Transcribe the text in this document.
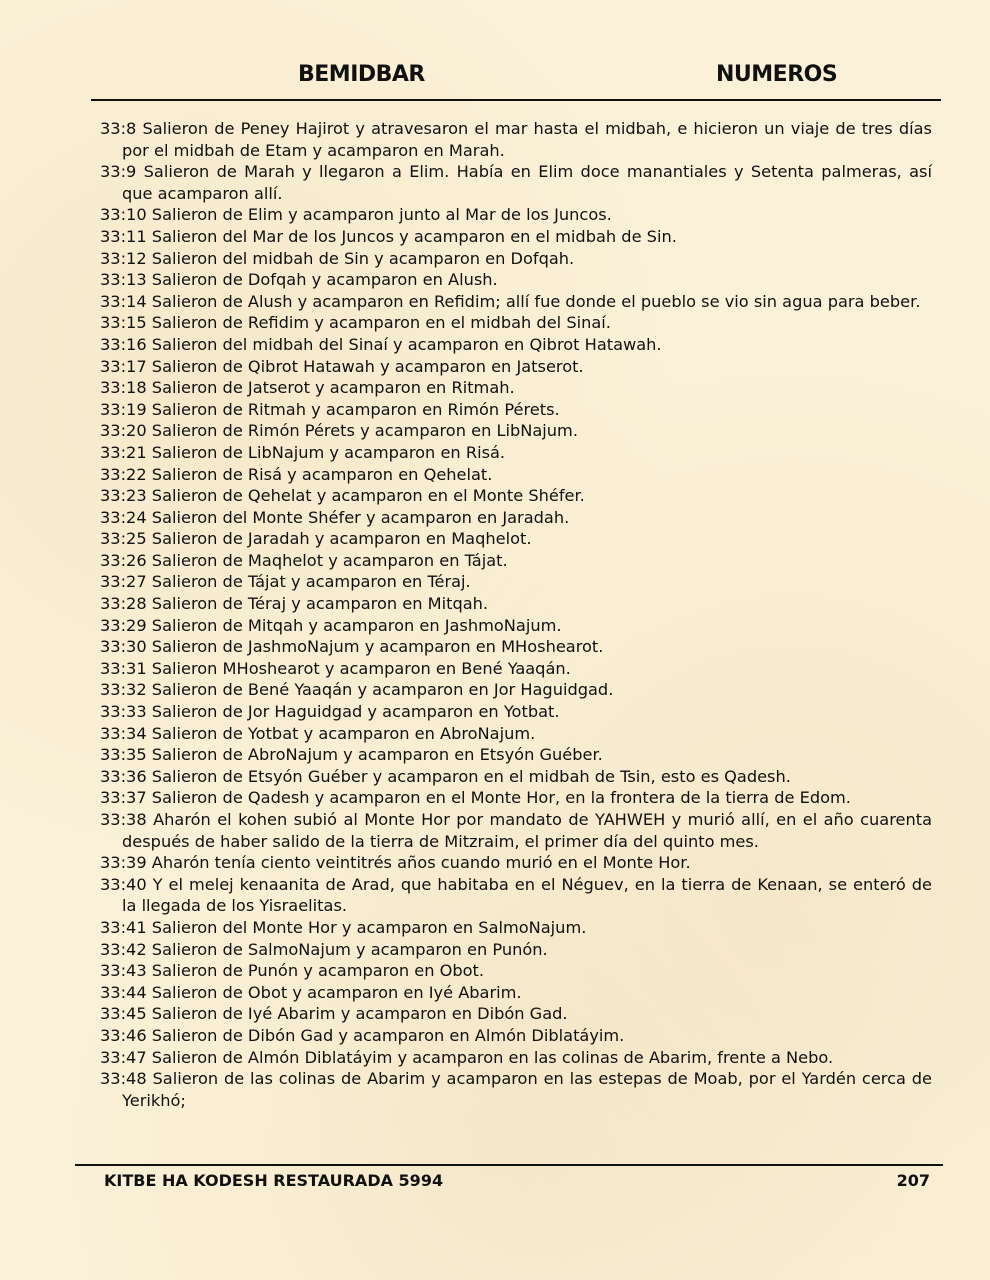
BEMIDBAR	NUMEROS

33:8 Salieron de Peney Hajirot y atravesaron el mar hasta el midbah, e hicieron un viaje de tres días por el midbah de Etam y acamparon en Marah.

33:9 Salieron de Marah y llegaron a Elim. Había en Elim doce manantiales y Setenta palmeras, así que acamparon allí.

33:10 Salieron de Elim y acamparon junto al Mar de los Juncos.

33:11 Salieron del Mar de los Juncos y acamparon en el midbah de Sin.

33:12 Salieron del midbah de Sin y acamparon en Dofqah.

33:13 Salieron de Dofqah y acamparon en Alush.

33:14 Salieron de Alush y acamparon en Refidim; allí fue donde el pueblo se vio sin agua para beber.

33:15 Salieron de Refidim y acamparon en el midbah del Sinaí.

33:16 Salieron del midbah del Sinaí y acamparon en Qibrot Hatawah.

33:17 Salieron de Qibrot Hatawah y acamparon en Jatserot.

33:18 Salieron de Jatserot y acamparon en Ritmah.

33:19 Salieron de Ritmah y acamparon en Rimón Pérets.

33:20 Salieron de Rimón Pérets y acamparon en LibNajum.

33:21 Salieron de LibNajum y acamparon en Risá.

33:22 Salieron de Risá y acamparon en Qehelat.

33:23 Salieron de Qehelat y acamparon en el Monte Shéfer.

33:24 Salieron del Monte Shéfer y acamparon en Jaradah.

33:25 Salieron de Jaradah y acamparon en Maqhelot.

33:26 Salieron de Maqhelot y acamparon en Tájat.

33:27 Salieron de Tájat y acamparon en Téraj.

33:28 Salieron de Téraj y acamparon en Mitqah.

33:29 Salieron de Mitqah y acamparon en JashmoNajum.

33:30 Salieron de JashmoNajum y acamparon en MHoshearot.

33:31 Salieron MHoshearot y acamparon en Bené Yaaqán.

33:32 Salieron de Bené Yaaqán y acamparon en Jor Haguidgad.

33:33 Salieron de Jor Haguidgad y acamparon en Yotbat.

33:34 Salieron de Yotbat y acamparon en AbroNajum.

33:35 Salieron de AbroNajum y acamparon en Etsyón Guéber.

33:36 Salieron de Etsyón Guéber y acamparon en el midbah de Tsin, esto es Qadesh.

33:37 Salieron de Qadesh y acamparon en el Monte Hor, en la frontera de la tierra de Edom.

33:38 Aharón el kohen subió al Monte Hor por mandato de YAHWEH y murió allí, en el año cuarenta después de haber salido de la tierra de Mitzraim, el primer día del quinto mes.

33:39 Aharón tenía ciento veintitrés años cuando murió en el Monte Hor.

33:40 Y el melej kenaanita de Arad, que habitaba en el Néguev, en la tierra de Kenaan, se enteró de la llegada de los Yisraelitas.

33:41 Salieron del Monte Hor y acamparon en SalmoNajum.

33:42 Salieron de SalmoNajum y acamparon en Punón.

33:43 Salieron de Punón y acamparon en Obot.

33:44 Salieron de Obot y acamparon en Iyé Abarim.

33:45 Salieron de Iyé Abarim y acamparon en Dibón Gad.

33:46 Salieron de Dibón Gad y acamparon en Almón Diblatáyim.

33:47 Salieron de Almón Diblatáyim y acamparon en las colinas de Abarim, frente a Nebo.

33:48 Salieron de las colinas de Abarim y acamparon en las estepas de Moab, por el Yardén cerca de Yerikhó;

KITBE HA KODESH RESTAURADA 5994	207
